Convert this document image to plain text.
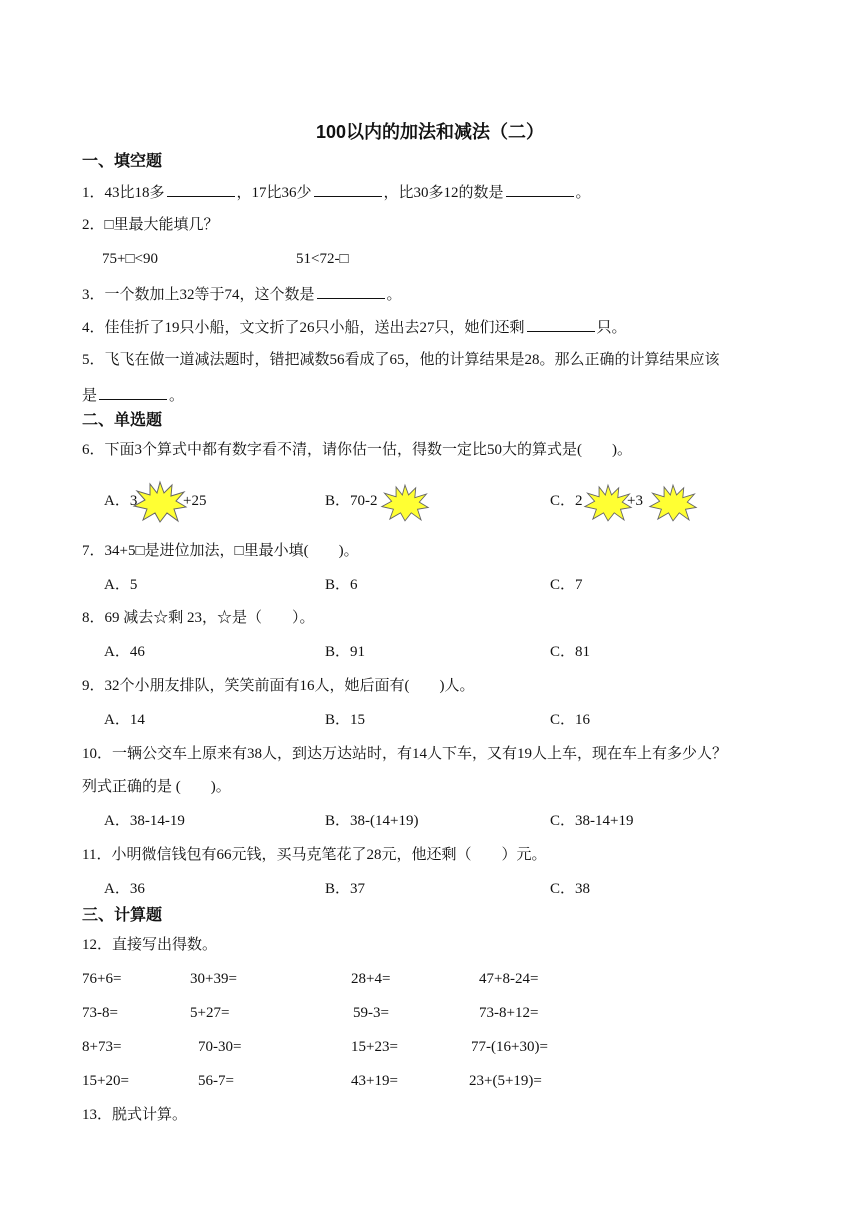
100以内的加法和减法（二）
一、填空题
1．43比18多	，17比36少	，比30多12的数是	。
2．□里最大能填几？
75+□<90	51<72-□
3．一个数加上32等于74，这个数是	。
4．佳佳折了19只小船，文文折了26只小船，送出去27只，她们还剩	只。
5．飞飞在做一道减法题时，错把减数56看成了65，他的计算结果是28。那么正确的计算结果应该
是	。
二、单选题
6．下面3个算式中都有数字看不清，请你估一估，得数一定比50大的算式是(　　)。
A．3	+25	B．70-2	C．2	+3
7．34+5□是进位加法，□里最小填(　　)。
A．5	B．6	C．7
8．69 减去☆剩 23，☆是（　　）。
A．46	B．91	C．81
9．32个小朋友排队，笑笑前面有16人，她后面有(　　)人。
A．14	B．15	C．16
10．一辆公交车上原来有38人，到达万达站时，有14人下车，又有19人上车，现在车上有多少人？
列式正确的是 (　　)。
A．38-14-19	B．38-(14+19)	C．38-14+19
11．小明微信钱包有66元钱，买马克笔花了28元，他还剩（　　）元。
A．36	B．37	C．38
三、计算题
12．直接写出得数。
76+6=	30+39=	28+4=	47+8-24=
73-8=	5+27=	59-3=	73-8+12=
8+73=	70-30=	15+23=	77-(16+30)=
15+20=	56-7=	43+19=	23+(5+19)=
13．脱式计算。
